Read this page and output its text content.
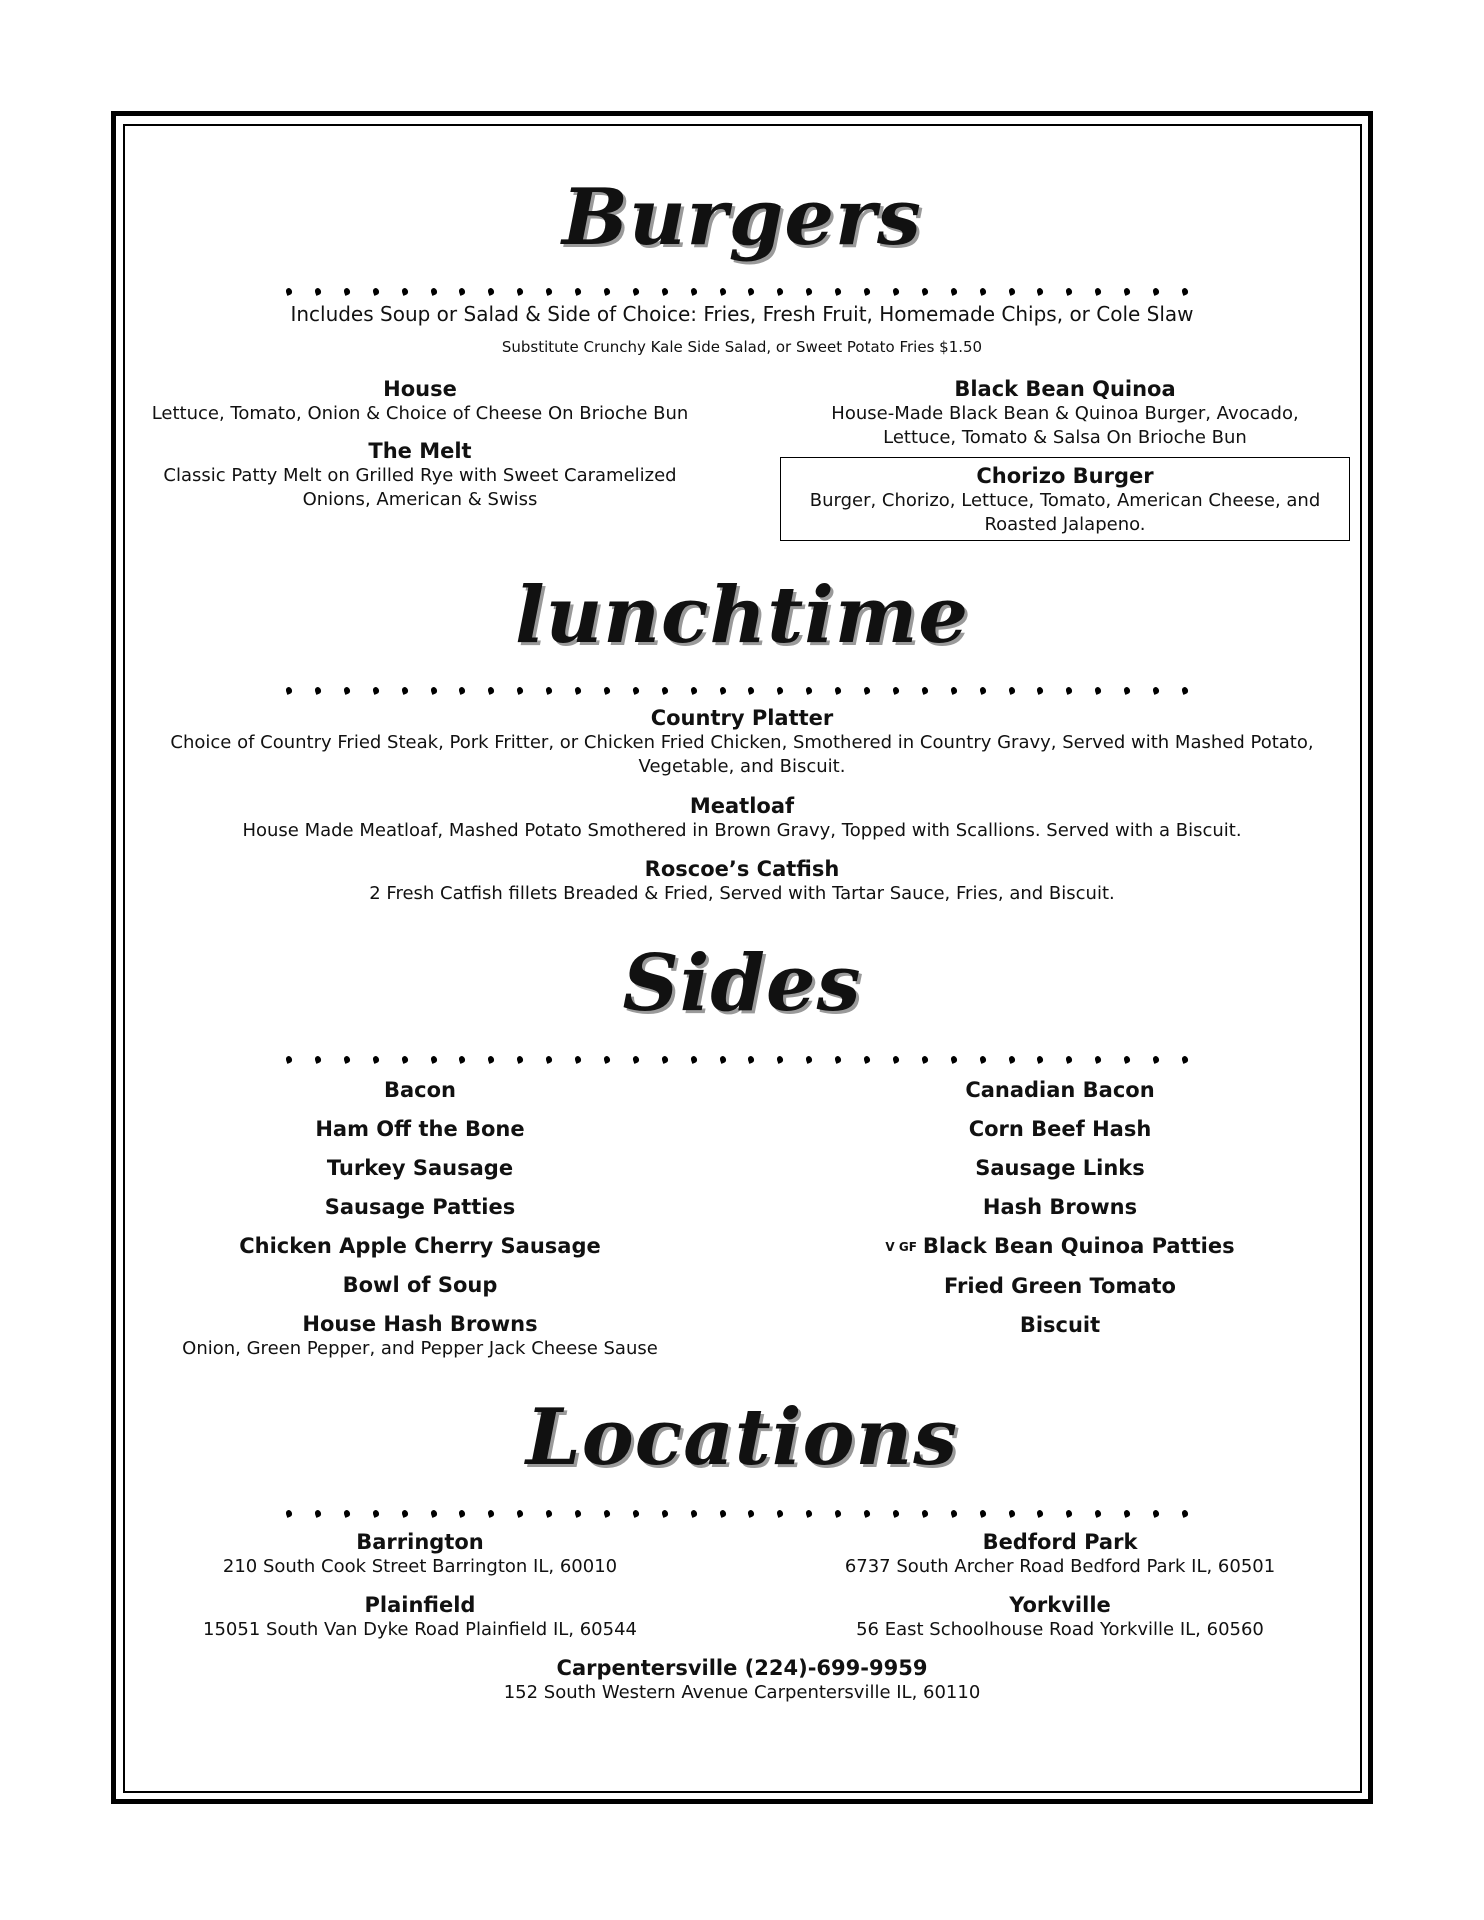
Burgers
Includes Soup or Salad & Side of Choice: Fries, Fresh Fruit, Homemade Chips, or Cole Slaw
Substitute Crunchy Kale Side Salad, or Sweet Potato Fries $1.50
House
Lettuce, Tomato, Onion & Choice of Cheese On Brioche Bun
The Melt
Classic Patty Melt on Grilled Rye with Sweet Caramelized Onions, American & Swiss
Black Bean Quinoa
House-Made Black Bean & Quinoa Burger, Avocado, Lettuce, Tomato & Salsa On Brioche Bun
Chorizo Burger
Burger, Chorizo, Lettuce, Tomato, American Cheese, and Roasted Jalapeno.
lunchtime
Country Platter
Choice of Country Fried Steak, Pork Fritter, or Chicken Fried Chicken, Smothered in Country Gravy, Served with Mashed Potato, Vegetable, and Biscuit.
Meatloaf
House Made Meatloaf, Mashed Potato Smothered in Brown Gravy, Topped with Scallions. Served with a Biscuit.
Roscoe’s Catfish
2 Fresh Catfish fillets Breaded & Fried, Served with Tartar Sauce, Fries, and Biscuit.
Sides
Bacon
Ham Off the Bone
Turkey Sausage
Sausage Patties
Chicken Apple Cherry Sausage
Bowl of Soup
House Hash Browns
Onion, Green Pepper, and Pepper Jack Cheese Sause
Canadian Bacon
Corn Beef Hash
Sausage Links
Hash Browns
V GF Black Bean Quinoa Patties
Fried Green Tomato
Biscuit
Locations
Barrington
210 South Cook Street Barrington IL, 60010
Bedford Park
6737 South Archer Road Bedford Park IL, 60501
Plainfield
15051 South Van Dyke Road Plainfield IL, 60544
Yorkville
56 East Schoolhouse Road Yorkville IL, 60560
Carpentersville (224)-699-9959
152 South Western Avenue Carpentersville IL, 60110
